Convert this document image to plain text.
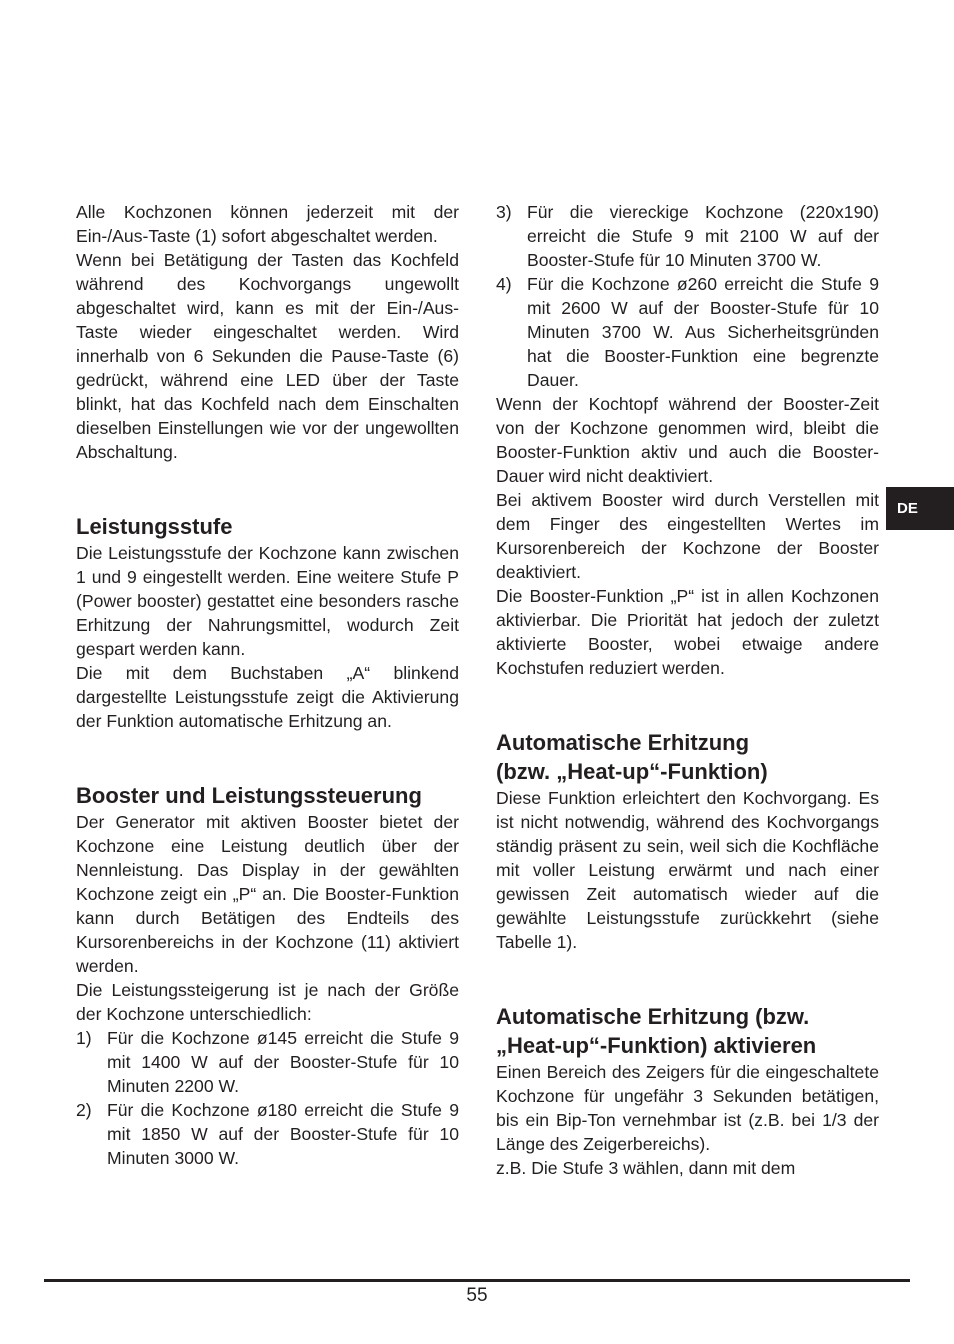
Alle Kochzonen können jederzeit mit der Ein-/Aus-Taste (1) sofort abgeschaltet werden.

Wenn bei Betätigung der Tasten das Kochfeld während des Kochvorgangs ungewollt abgeschaltet wird, kann es mit der Ein-/Aus-Taste wieder eingeschaltet werden. Wird innerhalb von 6 Sekunden die Pause-Taste (6) gedrückt, während eine LED über der Taste blinkt, hat das Kochfeld nach dem Einschalten dieselben Einstellungen wie vor der ungewollten Abschaltung.

Leistungsstufe

Die Leistungsstufe der Kochzone kann zwischen 1 und 9 eingestellt werden. Eine weitere Stufe P (Power booster) gestattet eine besonders rasche Erhitzung der Nahrungsmittel, wodurch Zeit gespart werden kann.

Die mit dem Buchstaben „A“ blinkend dargestellte Leistungsstufe zeigt die Aktivierung der Funktion automatische Erhitzung an.

Booster und Leistungssteuerung

Der Generator mit aktiven Booster bietet der Kochzone eine Leistung deutlich über der Nennleistung. Das Display in der gewählten Kochzone zeigt ein „P“ an. Die Booster-Funktion kann durch Betätigen des Endteils des Kursorenbereichs in der Kochzone (11) aktiviert werden.

Die Leistungssteigerung ist je nach der Größe der Kochzone unterschiedlich:

1) Für die Kochzone ø145 erreicht die Stufe 9 mit 1400 W auf der Booster-Stufe für 10 Minuten 2200 W.
2) Für die Kochzone ø180 erreicht die Stufe 9 mit 1850 W auf der Booster-Stufe für 10 Minuten 3000 W.
3) Für die viereckige Kochzone (220x190) erreicht die Stufe 9 mit 2100 W auf der Booster-Stufe für 10 Minuten 3700 W.
4) Für die Kochzone ø260 erreicht die Stufe 9 mit 2600 W auf der Booster-Stufe für 10 Minuten 3700 W. Aus Sicherheitsgründen hat die Booster-Funktion eine begrenzte Dauer.

Wenn der Kochtopf während der Booster-Zeit von der Kochzone genommen wird, bleibt die Booster-Funktion aktiv und auch die Booster-Dauer wird nicht deaktiviert.

Bei aktivem Booster wird durch Verstellen mit dem Finger des eingestellten Wertes im Kursorenbereich der Kochzone der Booster deaktiviert.

Die Booster-Funktion „P“ ist in allen Kochzonen aktivierbar. Die Priorität hat jedoch der zuletzt aktivierte Booster, wobei etwaige andere Kochstufen reduziert werden.

Automatische Erhitzung
(bzw. „Heat-up“-Funktion)

Diese Funktion erleichtert den Kochvorgang. Es ist nicht notwendig, während des Kochvorgangs ständig präsent zu sein, weil sich die Kochfläche mit voller Leistung erwärmt und nach einer gewissen Zeit automatisch wieder auf die gewählte Leistungsstufe zurückkehrt (siehe Tabelle 1).

Automatische Erhitzung (bzw.
„Heat-up“-Funktion) aktivieren

Einen Bereich des Zeigers für die eingeschaltete Kochzone für ungefähr 3 Sekunden betätigen, bis ein Bip-Ton vernehmbar ist (z.B. bei 1/3 der Länge des Zeigerbereichs).

z.B. Die Stufe 3 wählen, dann mit dem

DE
55
